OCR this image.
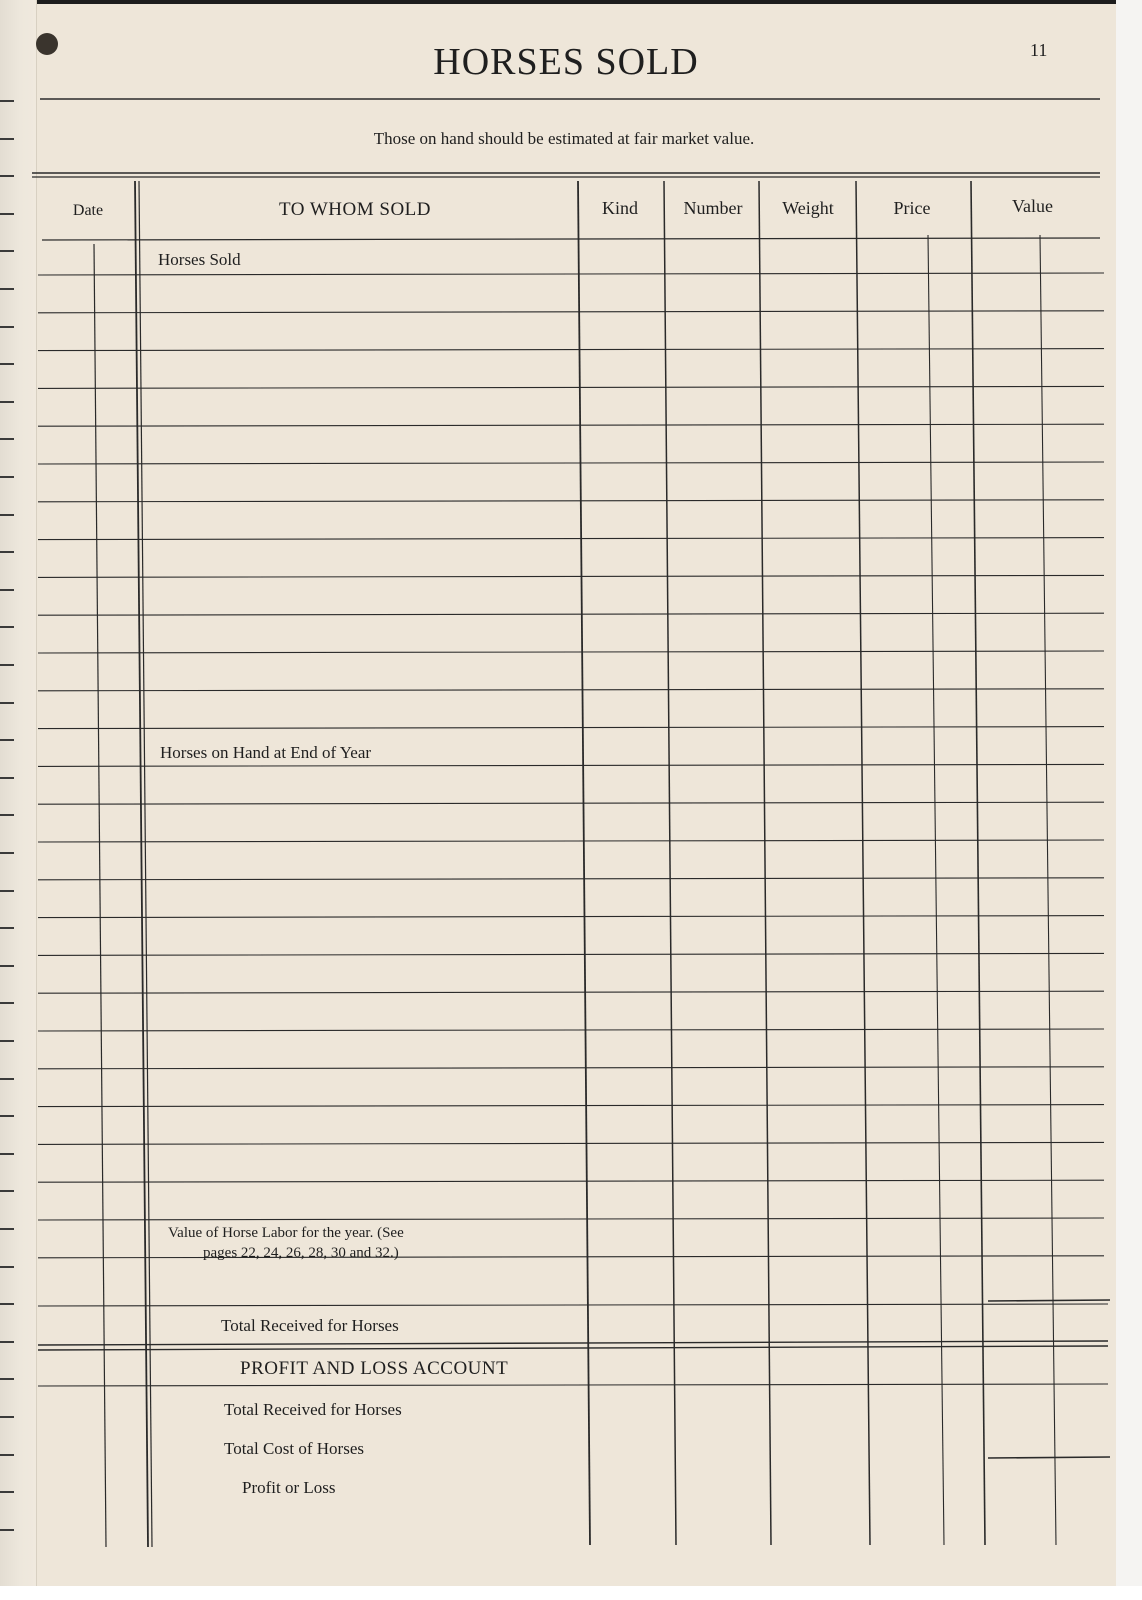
HORSES SOLD	11
Those on hand should be estimated at fair market value.
Date	TO WHOM SOLD	Kind	Number	Weight	Price	Value
Horses Sold
Horses on Hand at End of Year
Value of Horse Labor for the year. (See
pages 22, 24, 26, 28, 30 and 32.)
Total Received for Horses
PROFIT AND LOSS ACCOUNT
Total Received for Horses
Total Cost of Horses
Profit or Loss
